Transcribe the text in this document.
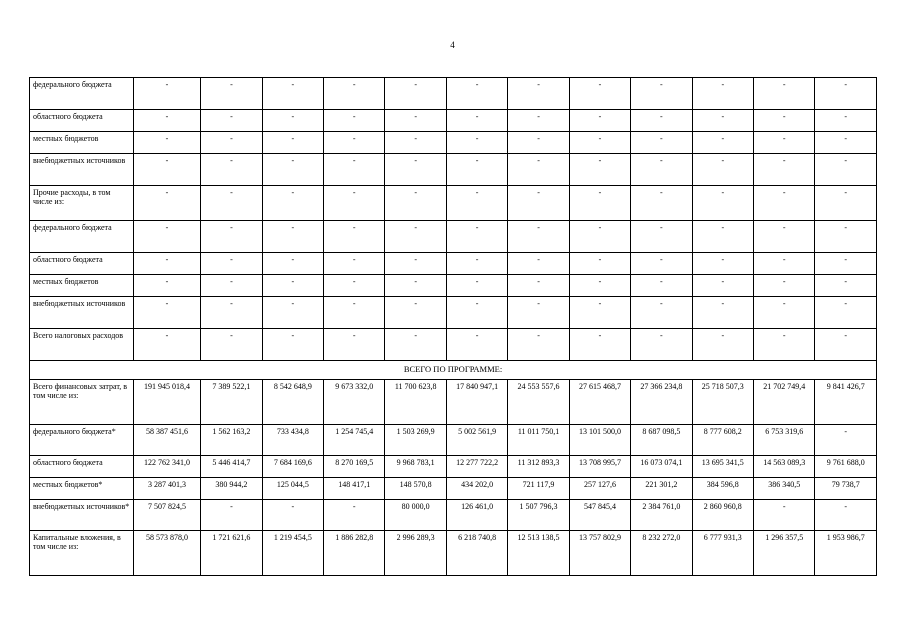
4
федерального бюджета	-	-	-	-	-	-	-	-	-	-	-	-
областного бюджета	-	-	-	-	-	-	-	-	-	-	-	-
местных бюджетов	-	-	-	-	-	-	-	-	-	-	-	-
внебюджетных источников	-	-	-	-	-	-	-	-	-	-	-	-
Прочие расходы, в том числе из:	-	-	-	-	-	-	-	-	-	-	-	-
федерального бюджета	-	-	-	-	-	-	-	-	-	-	-	-
областного бюджета	-	-	-	-	-	-	-	-	-	-	-	-
местных бюджетов	-	-	-	-	-	-	-	-	-	-	-	-
внебюджетных источников	-	-	-	-	-	-	-	-	-	-	-	-
Всего налоговых расходов	-	-	-	-	-	-	-	-	-	-	-	-
ВСЕГО ПО ПРОГРАММЕ:												
Всего финансовых затрат, в том числе из:	191 945 018,4	7 389 522,1	8 542 648,9	9 673 332,0	11 700 623,8	17 840 947,1	24 553 557,6	27 615 468,7	27 366 234,8	25 718 507,3	21 702 749,4	9 841 426,7
федерального бюджета*	58 387 451,6	1 562 163,2	733 434,8	1 254 745,4	1 503 269,9	5 002 561,9	11 011 750,1	13 101 500,0	8 687 098,5	8 777 608,2	6 753 319,6	-
областного бюджета	122 762 341,0	5 446 414,7	7 684 169,6	8 270 169,5	9 968 783,1	12 277 722,2	11 312 893,3	13 708 995,7	16 073 074,1	13 695 341,5	14 563 089,3	9 761 688,0
местных бюджетов*	3 287 401,3	380 944,2	125 044,5	148 417,1	148 570,8	434 202,0	721 117,9	257 127,6	221 301,2	384 596,8	386 340,5	79 738,7
внебюджетных источников*	7 507 824,5	-	-	-	80 000,0	126 461,0	1 507 796,3	547 845,4	2 384 761,0	2 860 960,8	-	-
Капитальные вложения, в том числе из:	58 573 878,0	1 721 621,6	1 219 454,5	1 886 282,8	2 996 289,3	6 218 740,8	12 513 138,5	13 757 802,9	8 232 272,0	6 777 931,3	1 296 357,5	1 953 986,7
